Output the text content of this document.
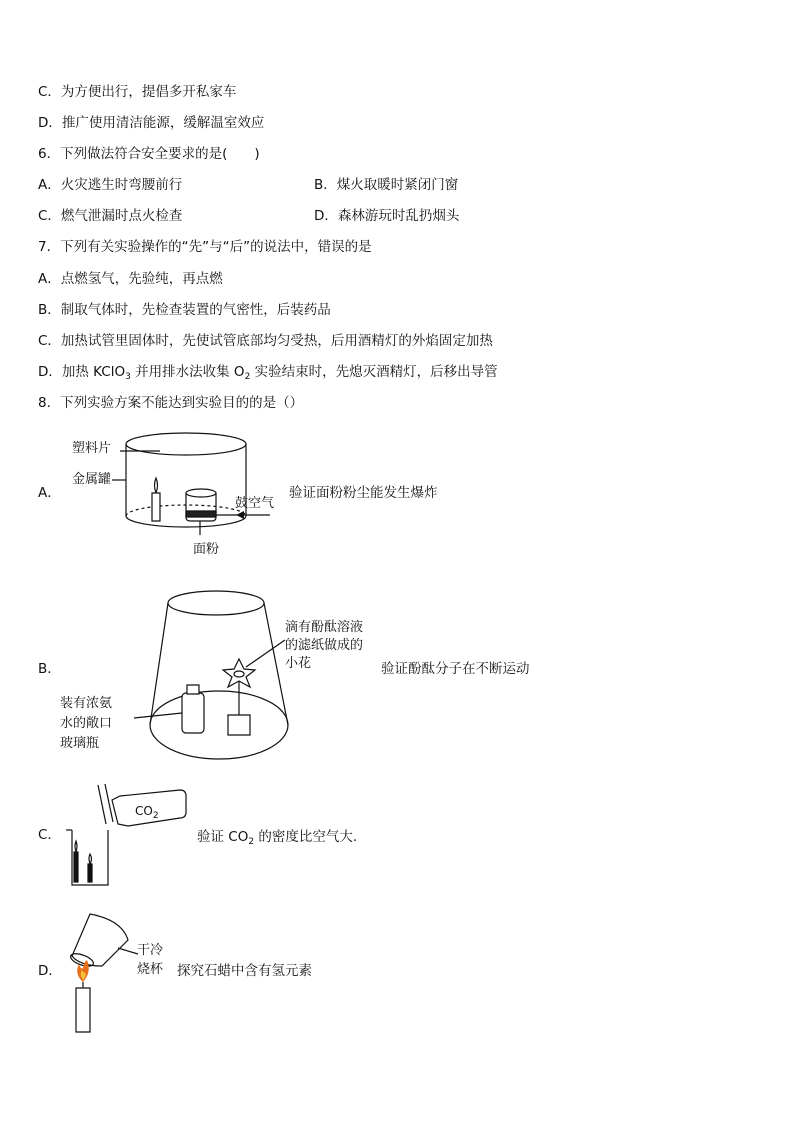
C．为方便出行，提倡多开私家车
D．推广使用清洁能源，缓解温室效应
6．下列做法符合安全要求的是(　　)
A．火灾逃生时弯腰前行	B．煤火取暖时紧闭门窗
C．燃气泄漏时点火检查	D．森林游玩时乱扔烟头
7．下列有关实验操作的“先”与“后”的说法中，错误的是
A．点燃氢气，先验纯，再点燃
B．制取气体时，先检查装置的气密性，后装药品
C．加热试管里固体时，先使试管底部均匀受热，后用酒精灯的外焰固定加热
D．加热 KClO$_3$ 并用排水法收集 $O_2$ 实验结束时，先熄灭酒精灯，后移出导管
8．下列实验方案不能达到实验目的的是（）
A．
塑料片
金属罐
鼓空气
面粉
验证面粉粉尘能发生爆炸
B．
滴有酚酞溶液
的滤纸做成的
小花
装有浓氨
水的敞口
玻璃瓶
验证酚酞分子在不断运动
C．
$CO_2$
验证 $CO_2$ 的密度比空气大.
D．
干冷
烧杯 探究石蜡中含有氢元素
